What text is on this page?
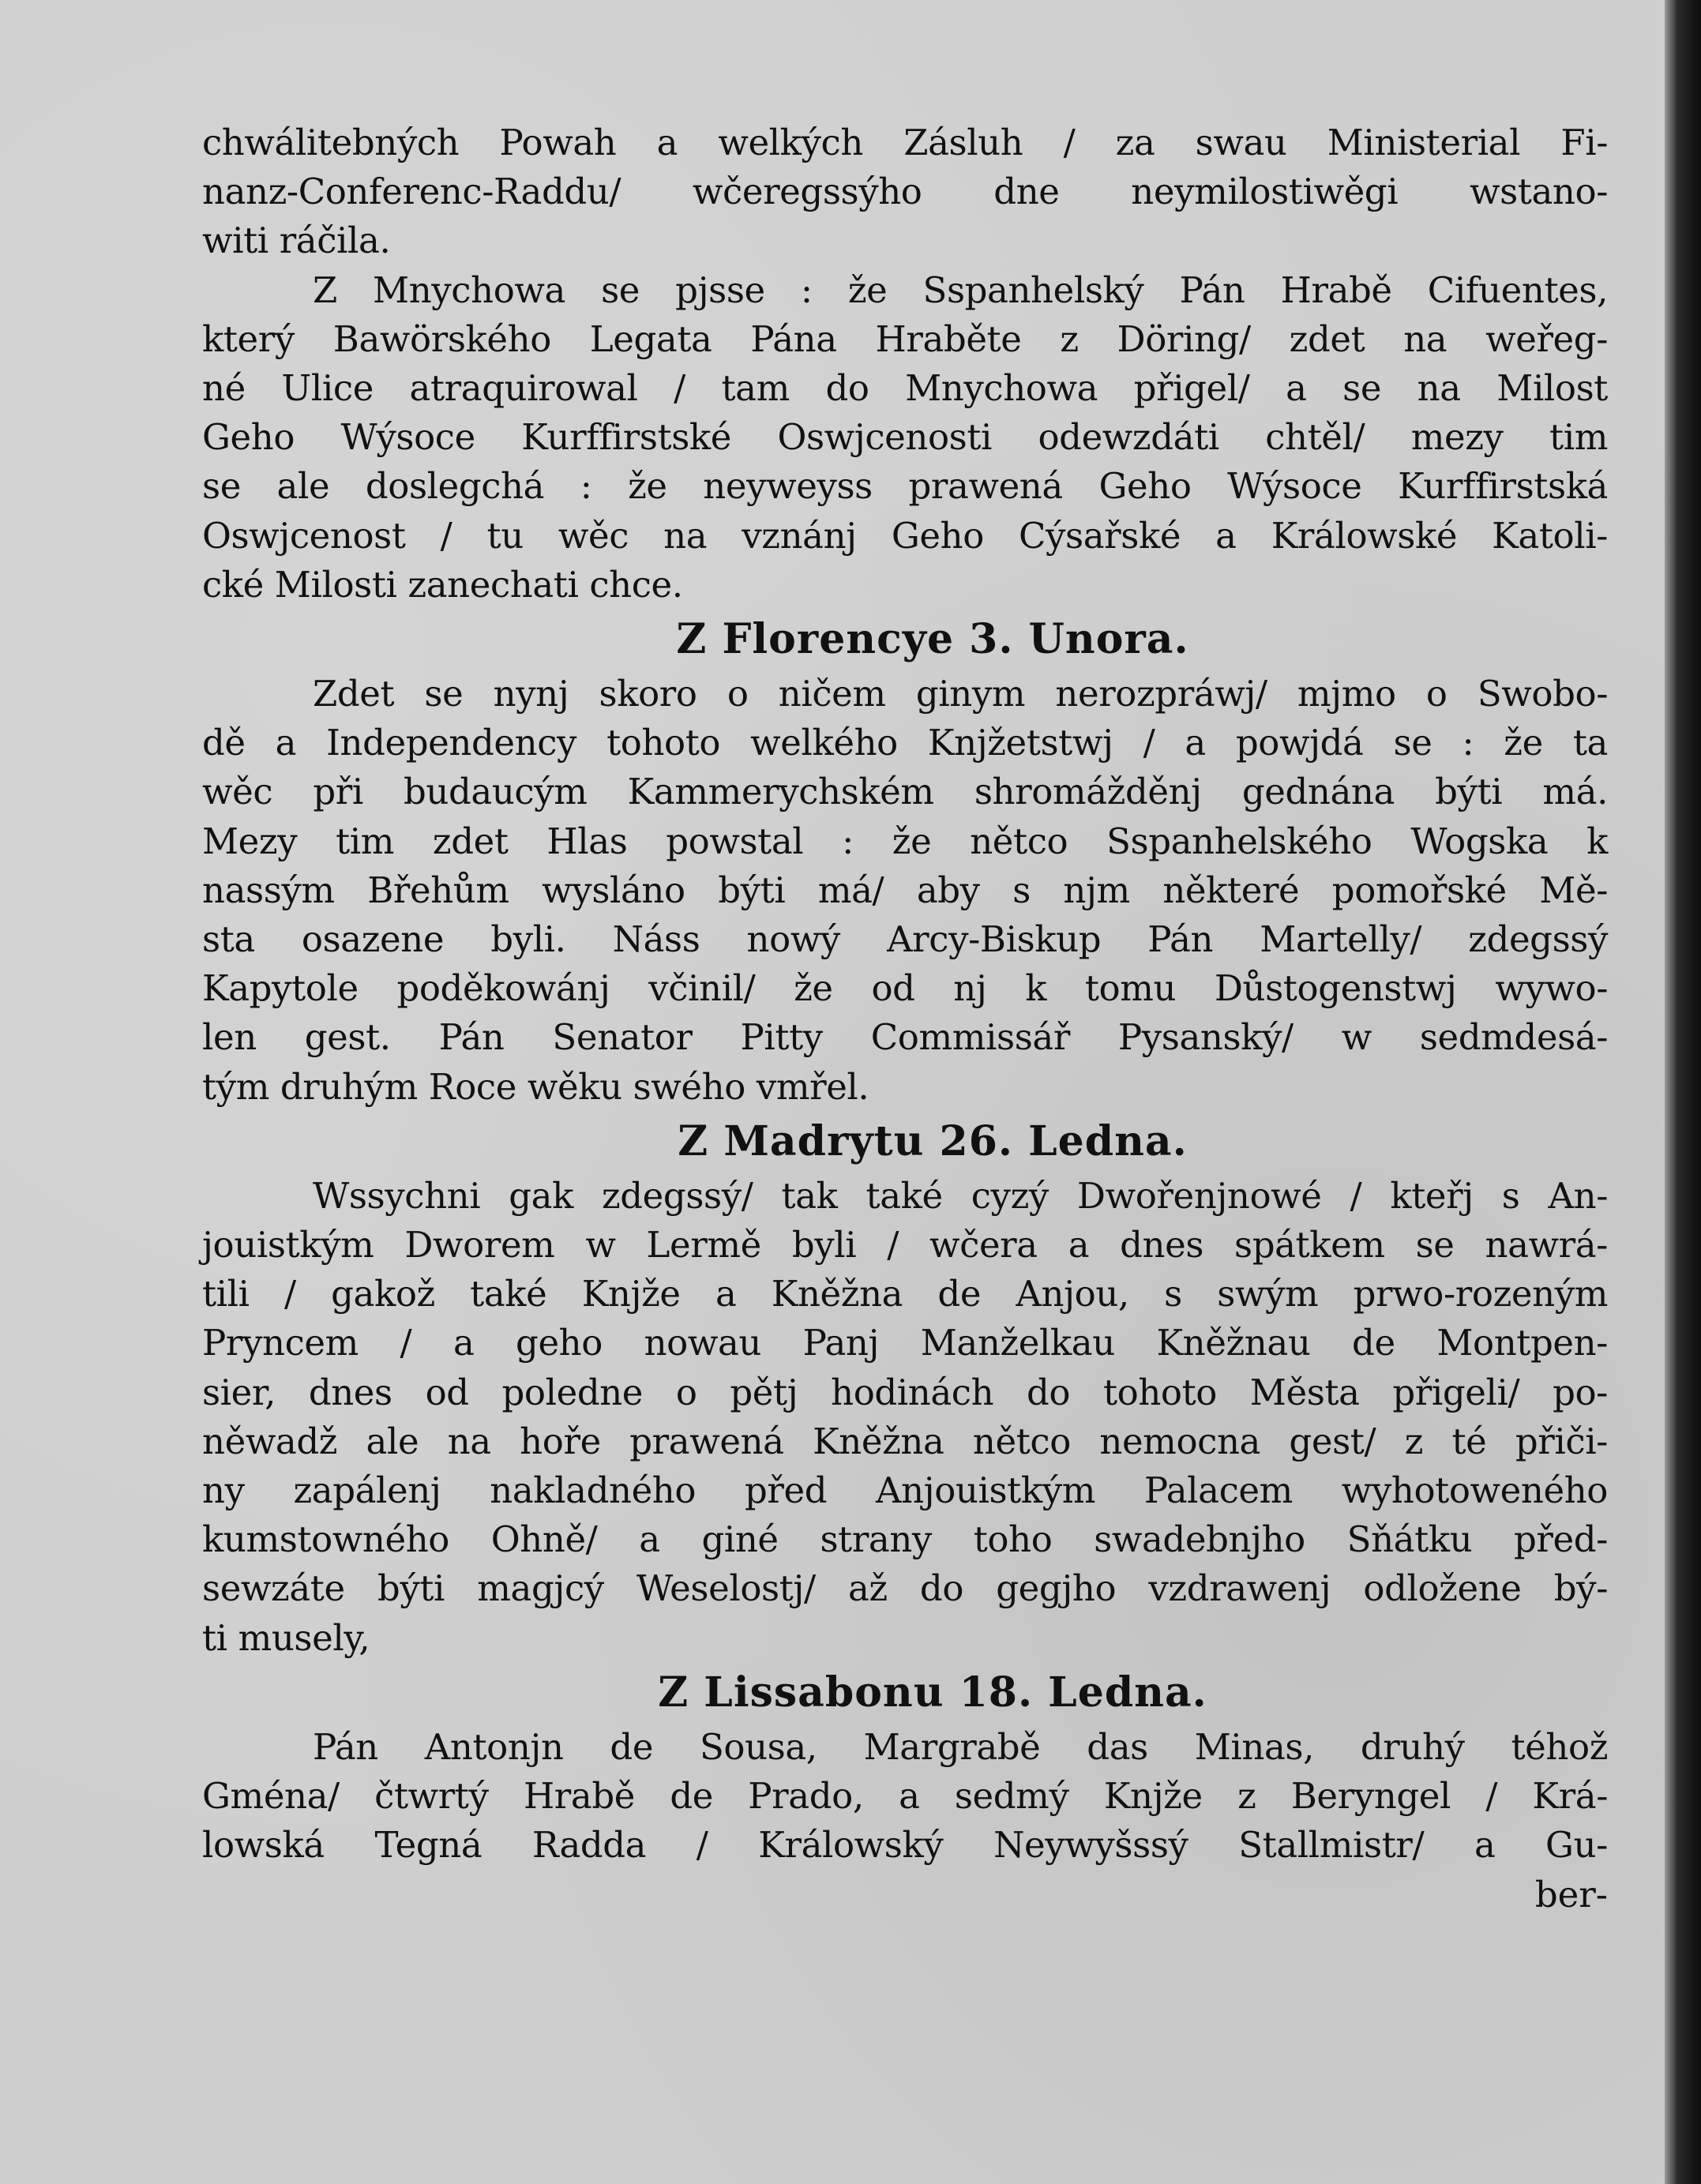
chwálitebných Powah a welkých Zásluh / za swau Ministerial Fi-
nanz-Conferenc-Raddu/ wčeregssýho dne neymilostiwěgi wstano-
witi ráčila.
Z Mnychowa se pjsse : že Sspanhelský Pán Hrabě Cifuentes,
který Bawörského Legata Pána Hraběte z Döring/ zdet na weřeg-
né Ulice atraquirowal / tam do Mnychowa přigel/ a se na Milost
Geho Wýsoce Kurffirstské Oswjcenosti odewzdáti chtěl/ mezy tim
se ale doslegchá : že neyweyss prawená Geho Wýsoce Kurffirstská
Oswjcenost / tu wěc na vznánj Geho Cýsařské a Králowské Katoli-
cké Milosti zanechati chce.
Z Florencye 3. Unora.
Zdet se nynj skoro o ničem ginym nerozpráwj/ mjmo o Swobo-
dě a Independency tohoto welkého Knjžetstwj / a powjdá se : že ta
wěc při budaucým Kammerychském shromážděnj gednána býti má.
Mezy tim zdet Hlas powstal : že nětco Sspanhelského Wogska k
nassým Břehům wysláno býti má/ aby s njm některé pomořské Mě-
sta osazene byli. Náss nowý Arcy-Biskup Pán Martelly/ zdegssý
Kapytole poděkowánj včinil/ že od nj k tomu Důstogenstwj wywo-
len gest. Pán Senator Pitty Commissář Pysanský/ w sedmdesá-
tým druhým Roce wěku swého vmřel.
Z Madrytu 26. Ledna.
Wssychni gak zdegssý/ tak také cyzý Dwořenjnowé / kteřj s An-
jouistkým Dworem w Lermě byli / wčera a dnes spátkem se nawrá-
tili / gakož také Knjže a Kněžna de Anjou, s swým prwo-rozeným
Pryncem / a geho nowau Panj Manželkau Kněžnau de Montpen-
sier, dnes od poledne o pětj hodinách do tohoto Města přigeli/ po-
něwadž ale na hoře prawená Kněžna nětco nemocna gest/ z té přiči-
ny zapálenj nakladného před Anjouistkým Palacem wyhotowenéhо
kumstowného Ohně/ a giné strany toho swadebnjho Sňátku před-
sewzáte býti magjcý Weselostj/ až do gegjho vzdrawenj odložene bý-
ti musely,
Z Lissabonu 18. Ledna.
Pán Antonjn de Sousa, Margrabě das Minas, druhý téhož
Gména/ čtwrtý Hrabě de Prado, a sedmý Knjže z Beryngel / Krá-
lowská Tegná Radda / Králowský Neywyšssý Stallmistr/ a Gu-
ber-
